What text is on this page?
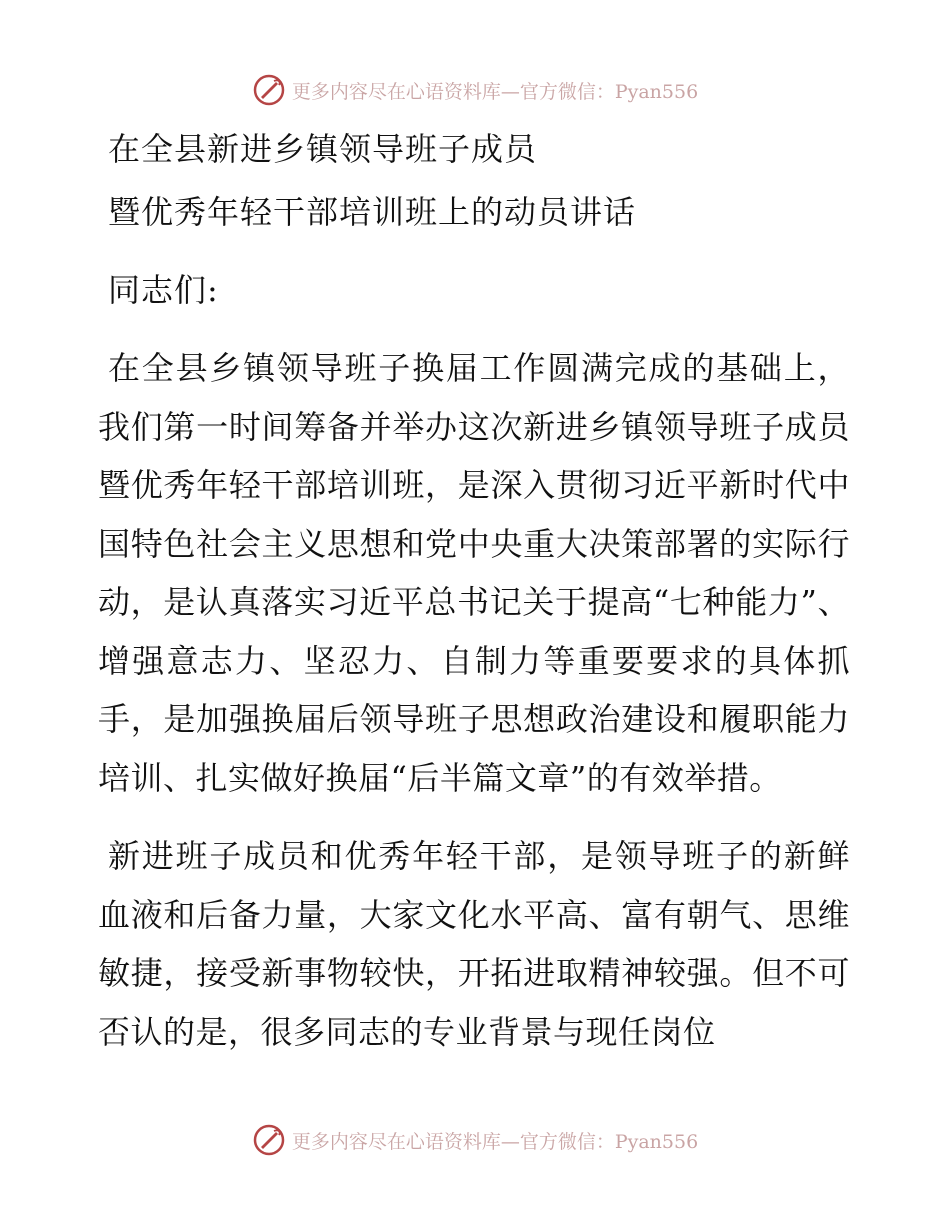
更多内容尽在心语资料库—官方微信：Pyan556
在全县新进乡镇领导班子成员
暨优秀年轻干部培训班上的动员讲话
同志们:

在全县乡镇领导班子换届工作圆满完成的基础上，我们第一时间筹备并举办这次新进乡镇领导班子成员暨优秀年轻干部培训班，是深入贯彻习近平新时代中国特色社会主义思想和党中央重大决策部署的实际行动，是认真落实习近平总书记关于提高“七种能力”、增强意志力、坚忍力、自制力等重要要求的具体抓手，是加强换届后领导班子思想政治建设和履职能力培训、扎实做好换届“后半篇文章”的有效举措。

新进班子成员和优秀年轻干部，是领导班子的新鲜血液和后备力量，大家文化水平高、富有朝气、思维敏捷，接受新事物较快，开拓进取精神较强。但不可否认的是，很多同志的专业背景与现任岗位

更多内容尽在心语资料库—官方微信：Pyan556
